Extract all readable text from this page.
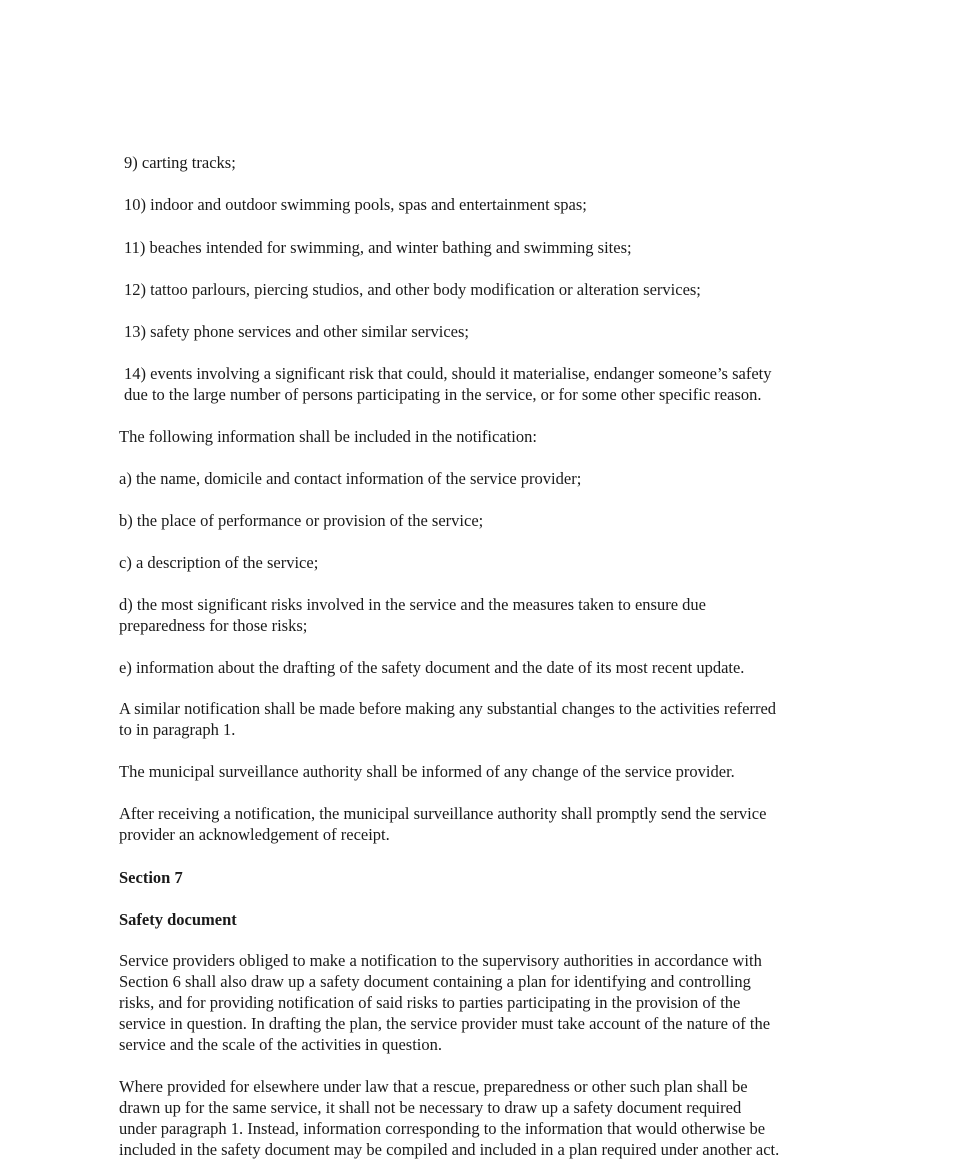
9) carting tracks;

10) indoor and outdoor swimming pools, spas and entertainment spas;

11) beaches intended for swimming, and winter bathing and swimming sites;

12) tattoo parlours, piercing studios, and other body modification or alteration services;

13) safety phone services and other similar services;

14) events involving a significant risk that could, should it materialise, endanger someone’s safety

due to the large number of persons participating in the service, or for some other specific reason.

The following information shall be included in the notification:

a) the name, domicile and contact information of the service provider;

b) the place of performance or provision of the service;

c) a description of the service;

d) the most significant risks involved in the service and the measures taken to ensure due

preparedness for those risks;

e) information about the drafting of the safety document and the date of its most recent update.

A similar notification shall be made before making any substantial changes to the activities referred

to in paragraph 1.

The municipal surveillance authority shall be informed of any change of the service provider.

After receiving a notification, the municipal surveillance authority shall promptly send the service

provider an acknowledgement of receipt.

Section 7

Safety document

Service providers obliged to make a notification to the supervisory authorities in accordance with

Section 6 shall also draw up a safety document containing a plan for identifying and controlling

risks, and for providing notification of said risks to parties participating in the provision of the

service in question. In drafting the plan, the service provider must take account of the nature of the

service and the scale of the activities in question.

Where provided for elsewhere under law that a rescue, preparedness or other such plan shall be

drawn up for the same service, it shall not be necessary to draw up a safety document required

under paragraph 1. Instead, information corresponding to the information that would otherwise be

included in the safety document may be compiled and included in a plan required under another act.
